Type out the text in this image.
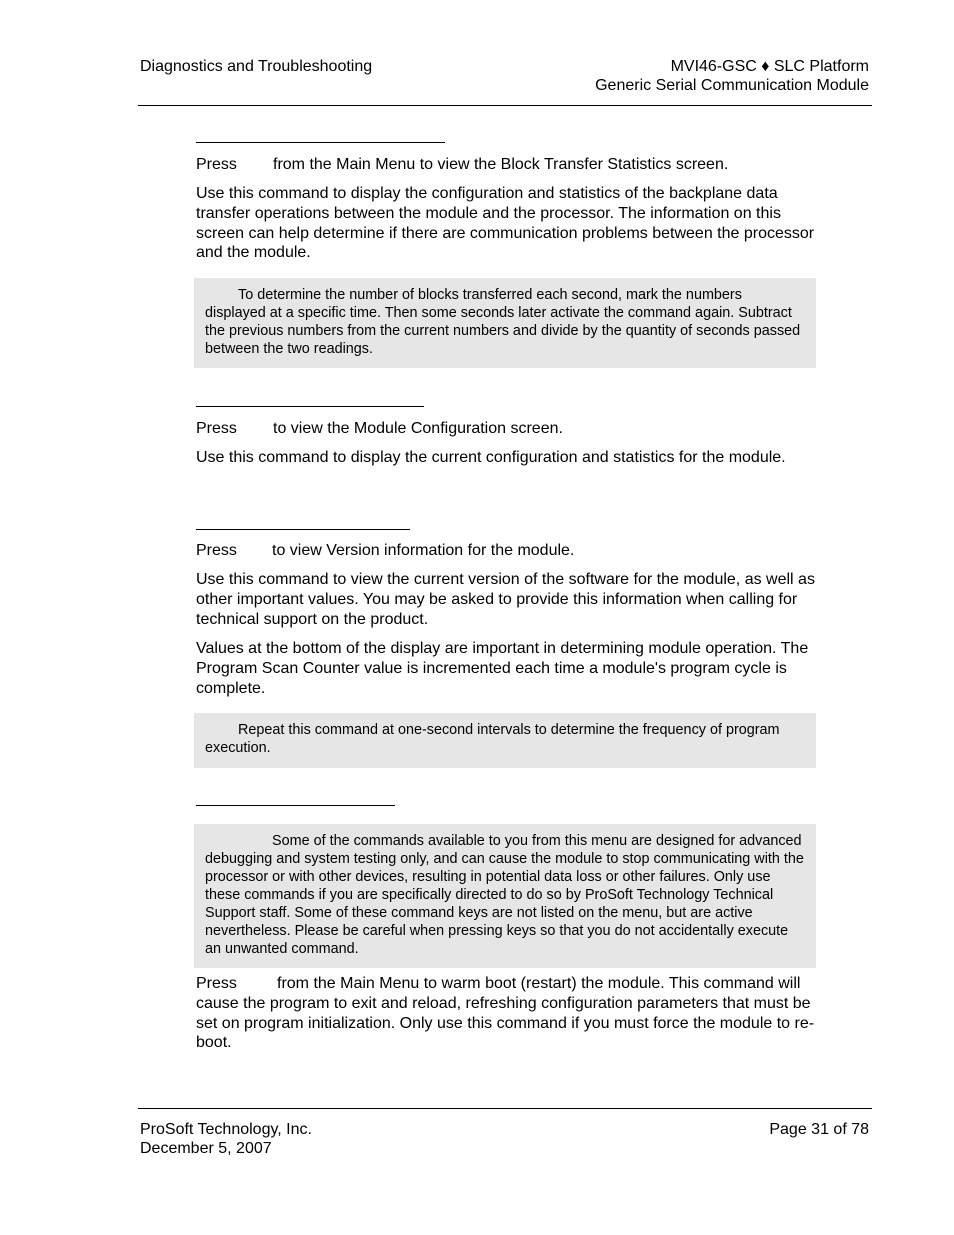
Diagnostics and Troubleshooting	MVI46-GSC ♦ SLC Platform
Generic Serial Communication Module

Press from the Main Menu to view the Block Transfer Statistics screen.

Use this command to display the configuration and statistics of the backplane data transfer operations between the module and the processor. The information on this screen can help determine if there are communication problems between the processor and the module.

To determine the number of blocks transferred each second, mark the numbers displayed at a specific time. Then some seconds later activate the command again. Subtract the previous numbers from the current numbers and divide by the quantity of seconds passed between the two readings.

Press to view the Module Configuration screen.

Use this command to display the current configuration and statistics for the module.

Press to view Version information for the module.

Use this command to view the current version of the software for the module, as well as other important values. You may be asked to provide this information when calling for technical support on the product.

Values at the bottom of the display are important in determining module operation. The Program Scan Counter value is incremented each time a module's program cycle is complete.

Repeat this command at one-second intervals to determine the frequency of program execution.
Some of the commands available to you from this menu are designed for advanced debugging and system testing only, and can cause the module to stop communicating with the processor or with other devices, resulting in potential data loss or other failures. Only use these commands if you are specifically directed to do so by ProSoft Technology Technical Support staff. Some of these command keys are not listed on the menu, but are active nevertheless. Please be careful when pressing keys so that you do not accidentally execute an unwanted command.

Press	from the Main Menu to warm boot (restart) the module. This command will cause the program to exit and reload, refreshing configuration parameters that must be set on program initialization. Only use this command if you must force the module to re-boot.

ProSoft Technology, Inc.
December 5, 2007
Page 31 of 78
